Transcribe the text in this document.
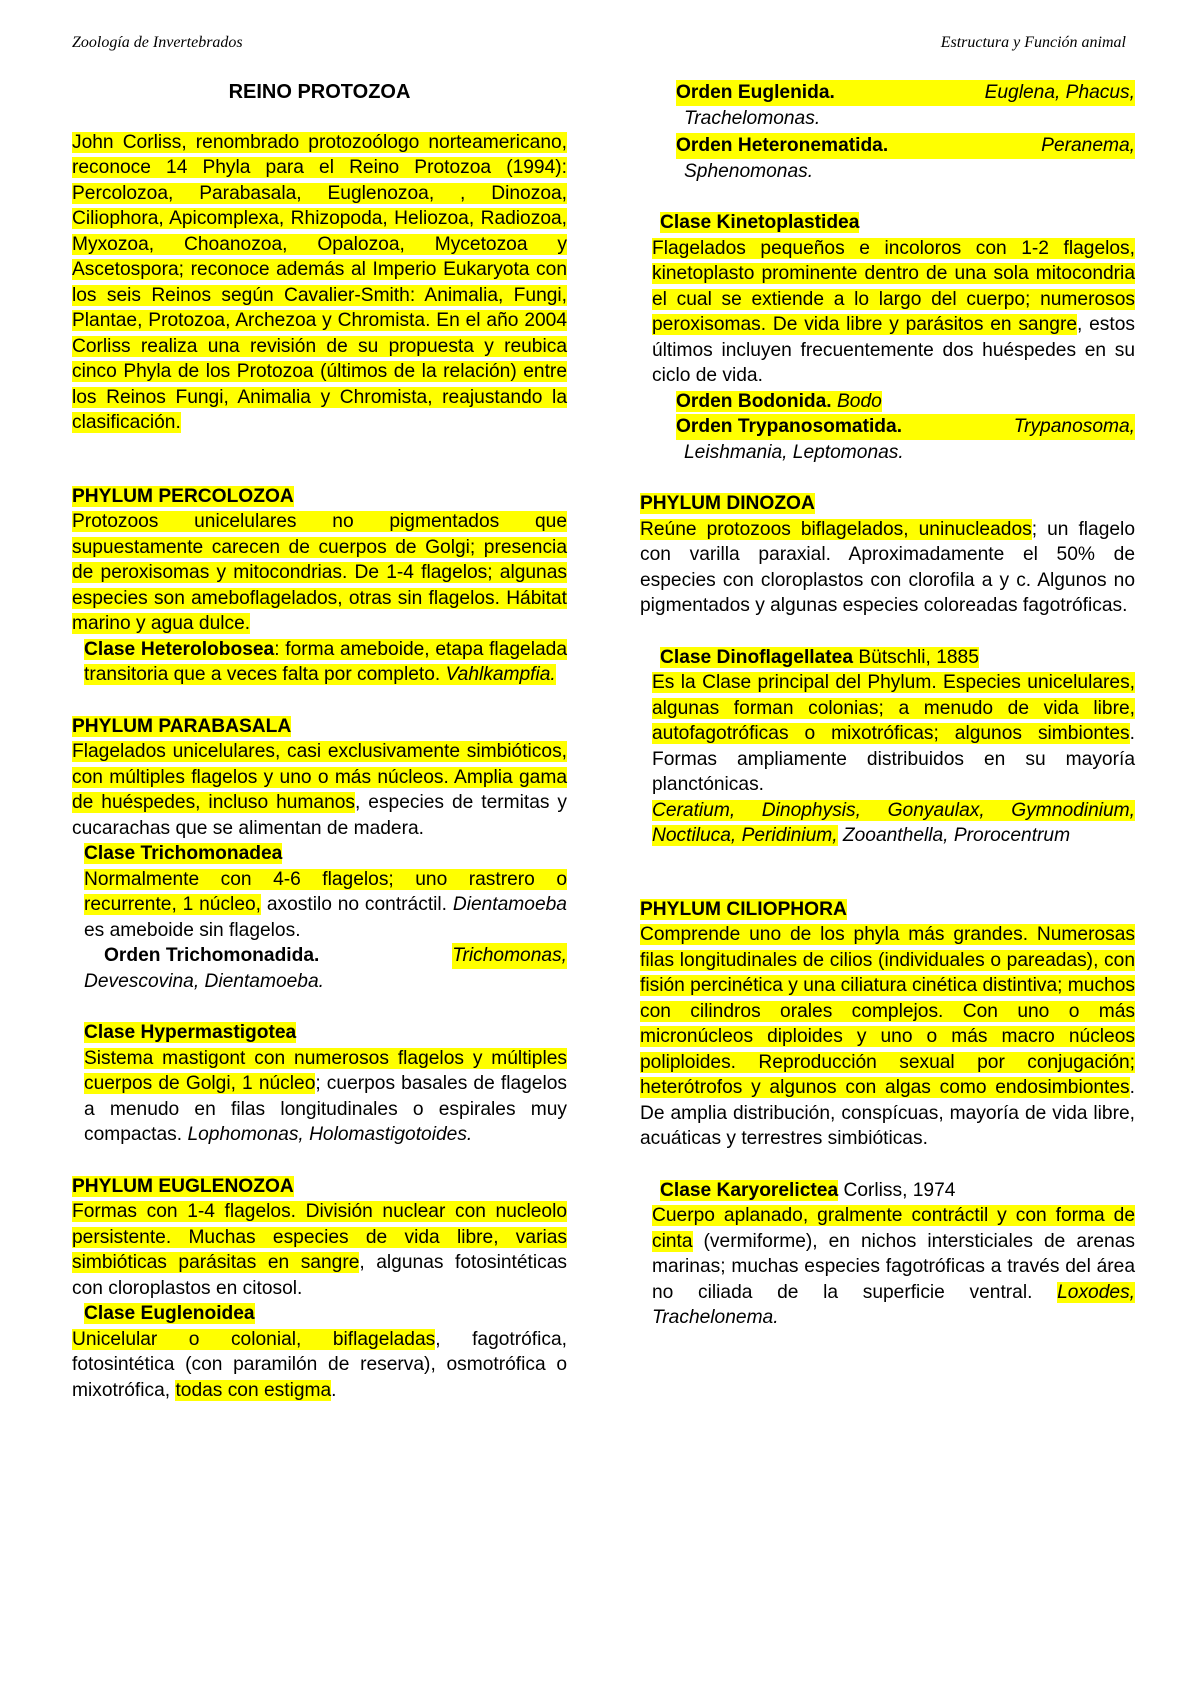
Zoología de Invertebrados	Estructura y Función animal
REINO PROTOZOA

John Corliss, renombrado protozoólogo norteamericano, reconoce 14 Phyla para el Reino Protozoa (1994): Percolozoa, Parabasala, Euglenozoa, , Dinozoa, Ciliophora, Apicomplexa, Rhizopoda, Heliozoa, Radiozoa, Myxozoa, Choanozoa, Opalozoa, Mycetozoa y Ascetospora; reconoce además al Imperio Eukaryota con los seis Reinos según Cavalier-Smith: Animalia, Fungi, Plantae, Protozoa, Archezoa y Chromista. En el año 2004 Corliss realiza una revisión de su propuesta y reubica cinco Phyla de los Protozoa (últimos de la relación) entre los Reinos Fungi, Animalia y Chromista, reajustando la clasificación.

PHYLUM PERCOLOZOA

Protozoos unicelulares no pigmentados que supuestamente carecen de cuerpos de Golgi; presencia de peroxisomas y mitocondrias. De 1-4 flagelos; algunas especies son ameboflagelados, otras sin flagelos. Hábitat marino y agua dulce.

Clase Heterolobosea: forma ameboide, etapa flagelada transitoria que a veces falta por completo. Vahlkampfia.

PHYLUM PARABASALA

Flagelados unicelulares, casi exclusivamente simbióticos, con múltiples flagelos y uno o más núcleos. Amplia gama de huéspedes, incluso humanos, especies de termitas y cucarachas que se alimentan de madera.

Clase Trichomonadea

Normalmente con 4-6 flagelos; uno rastrero o recurrente, 1 núcleo, axostilo no contráctil. Dientamoeba es ameboide sin flagelos.

Orden Trichomonadida.	Trichomonas,
Devescovina, Dientamoeba.

Clase Hypermastigotea

Sistema mastigont con numerosos flagelos y múltiples cuerpos de Golgi, 1 núcleo; cuerpos basales de flagelos a menudo en filas longitudinales o espirales muy compactas. Lophomonas, Holomastigotoides.

PHYLUM EUGLENOZOA

Formas con 1-4 flagelos. División nuclear con nucleolo persistente. Muchas especies de vida libre, varias simbióticas parásitas en sangre, algunas fotosintéticas con cloroplastos en citosol.

Clase Euglenoidea

Unicelular o colonial, biflageladas, fagotrófica, fotosintética (con paramilón de reserva), osmotrófica o mixotrófica, todas con estigma.

Orden Euglenida.	Euglena, Phacus,
Trachelomonas.

Orden Heteronematida.	Peranema,
Sphenomonas.

Clase Kinetoplastidea

Flagelados pequeños e incoloros con 1-2 flagelos, kinetoplasto prominente dentro de una sola mitocondria el cual se extiende a lo largo del cuerpo; numerosos peroxisomas. De vida libre y parásitos en sangre, estos últimos incluyen frecuentemente dos huéspedes en su ciclo de vida.

Orden Bodonida. Bodo

Orden Trypanosomatida.	Trypanosoma,
Leishmania, Leptomonas.

PHYLUM DINOZOA

Reúne protozoos biflagelados, uninucleados; un flagelo con varilla paraxial. Aproximadamente el 50% de especies con cloroplastos con clorofila a y c. Algunos no pigmentados y algunas especies coloreadas fagotróficas.

Clase Dinoflagellatea Bütschli, 1885

Es la Clase principal del Phylum. Especies unicelulares, algunas forman colonias; a menudo de vida libre, autofagotróficas o mixotróficas; algunos simbiontes. Formas ampliamente distribuidos en su mayoría planctónicas.

Ceratium, Dinophysis, Gonyaulax, Gymnodinium, Noctiluca, Peridinium, Zooanthella, Prorocentrum

PHYLUM CILIOPHORA

Comprende uno de los phyla más grandes. Numerosas filas longitudinales de cilios (individuales o pareadas), con fisión percinética y una ciliatura cinética distintiva; muchos con cilindros orales complejos. Con uno o más micronúcleos diploides y uno o más macro núcleos poliploides. Reproducción sexual por conjugación; heterótrofos y algunos con algas como endosimbiontes. De amplia distribución, conspícuas, mayoría de vida libre, acuáticas y terrestres simbióticas.

Clase Karyorelictea Corliss, 1974

Cuerpo aplanado, gralmente contráctil y con forma de cinta (vermiforme), en nichos intersticiales de arenas marinas; muchas especies fagotróficas a través del área no ciliada de la superficie ventral. Loxodes, Trachelonema.
